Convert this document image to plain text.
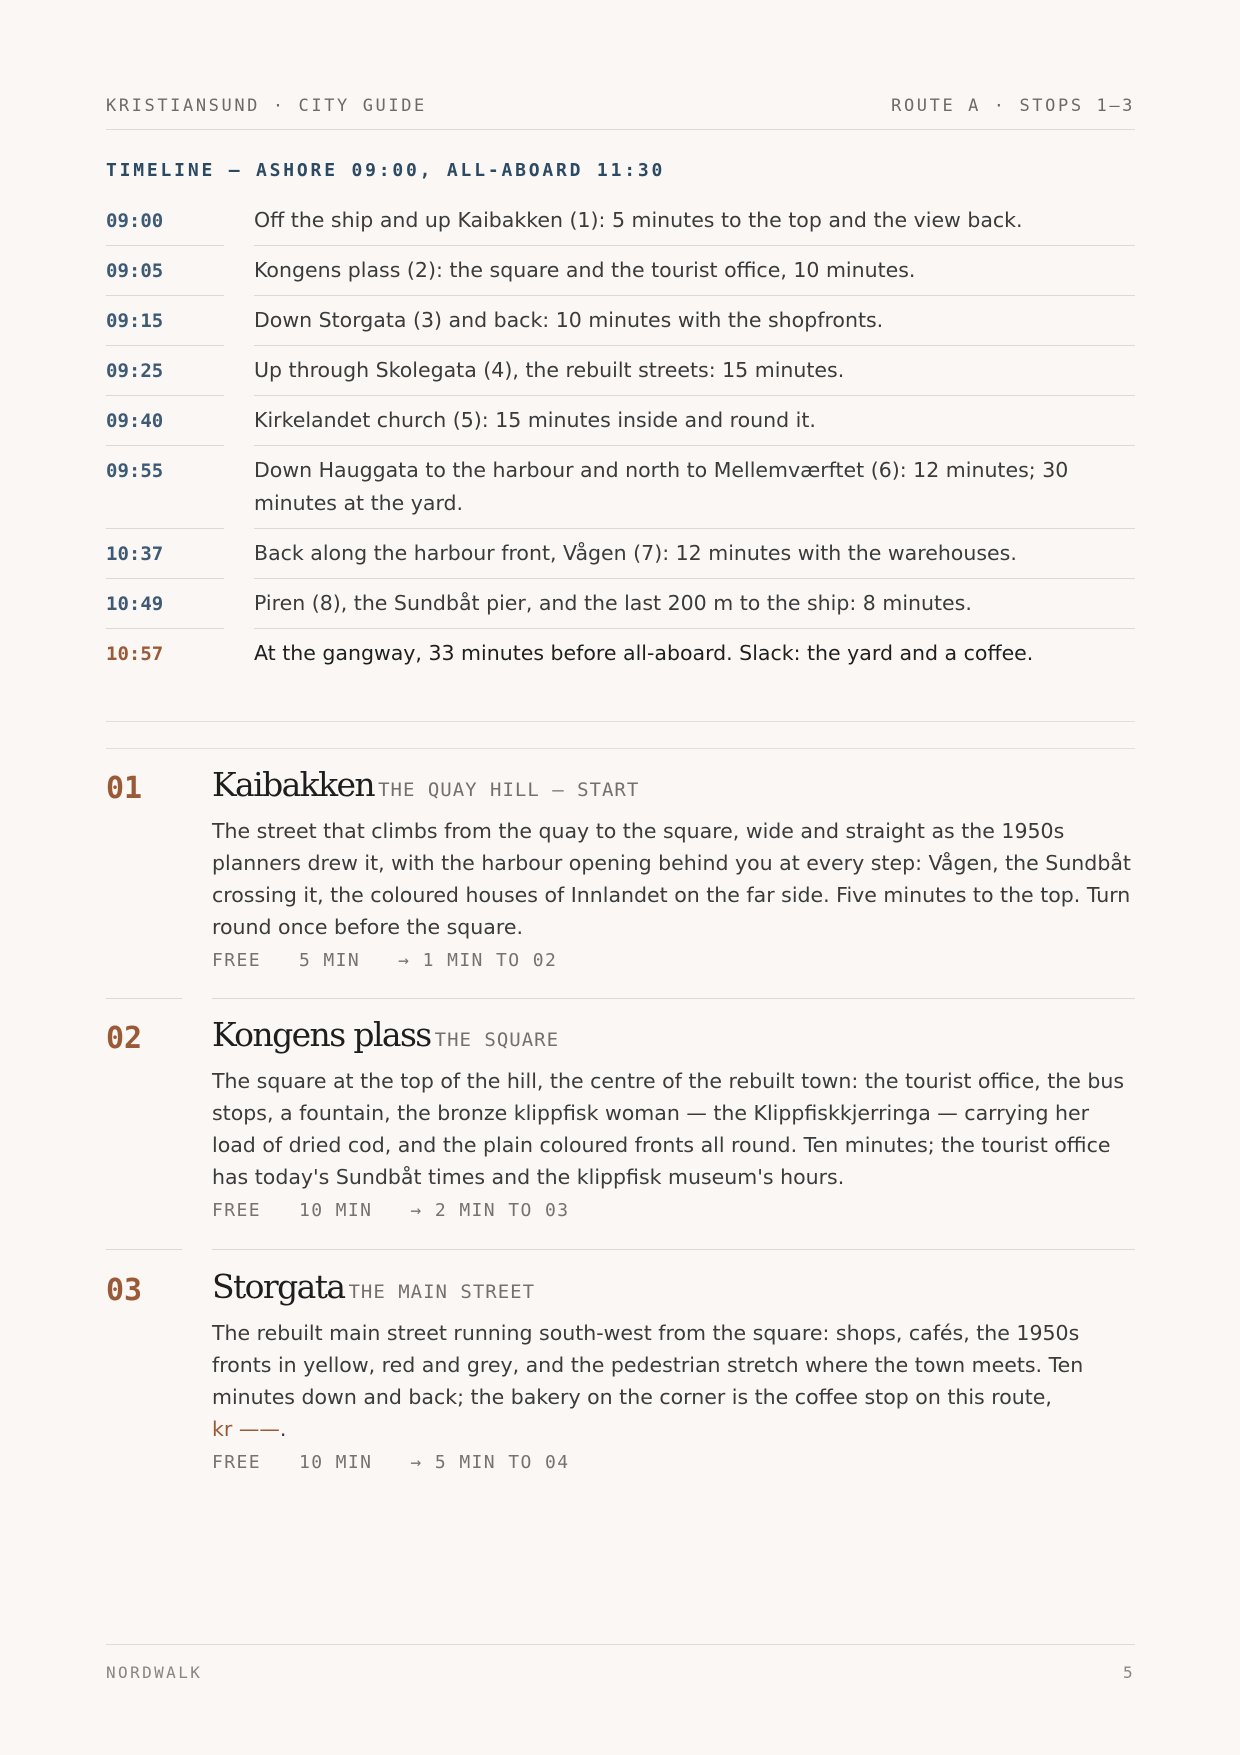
KRISTIANSUND · CITY GUIDE	ROUTE A · STOPS 1–3
TIMELINE — ASHORE 09:00, ALL-ABOARD 11:30
09:00	Off the ship and up Kaibakken (1): 5 minutes to the top and the view back.
09:05	Kongens plass (2): the square and the tourist office, 10 minutes.
09:15	Down Storgata (3) and back: 10 minutes with the shopfronts.
09:25	Up through Skolegata (4), the rebuilt streets: 15 minutes.
09:40	Kirkelandet church (5): 15 minutes inside and round it.
09:55	Down Hauggata to the harbour and north to Mellemværftet (6): 12 minutes; 30 minutes at the yard.
10:37	Back along the harbour front, Vågen (7): 12 minutes with the warehouses.
10:49	Piren (8), the Sundbåt pier, and the last 200 m to the ship: 8 minutes.
10:57	At the gangway, 33 minutes before all-aboard. Slack: the yard and a coffee.
01 Kaibakken THE QUAY HILL — START
The street that climbs from the quay to the square, wide and straight as the 1950s planners drew it, with the harbour opening behind you at every step: Vågen, the Sundbåt crossing it, the coloured houses of Innlandet on the far side. Five minutes to the top. Turn round once before the square.
FREE 5 MIN → 1 MIN TO 02
02 Kongens plass THE SQUARE
The square at the top of the hill, the centre of the rebuilt town: the tourist office, the bus stops, a fountain, the bronze klippfisk woman — the Klippfiskkjerringa — carrying her load of dried cod, and the plain coloured fronts all round. Ten minutes; the tourist office has today's Sundbåt times and the klippfisk museum's hours.
FREE 10 MIN → 2 MIN TO 03
03 Storgata THE MAIN STREET
The rebuilt main street running south-west from the square: shops, cafés, the 1950s fronts in yellow, red and grey, and the pedestrian stretch where the town meets. Ten minutes down and back; the bakery on the corner is the coffee stop on this route,
kr ——.
FREE 10 MIN → 5 MIN TO 04
NORDWALK	5
